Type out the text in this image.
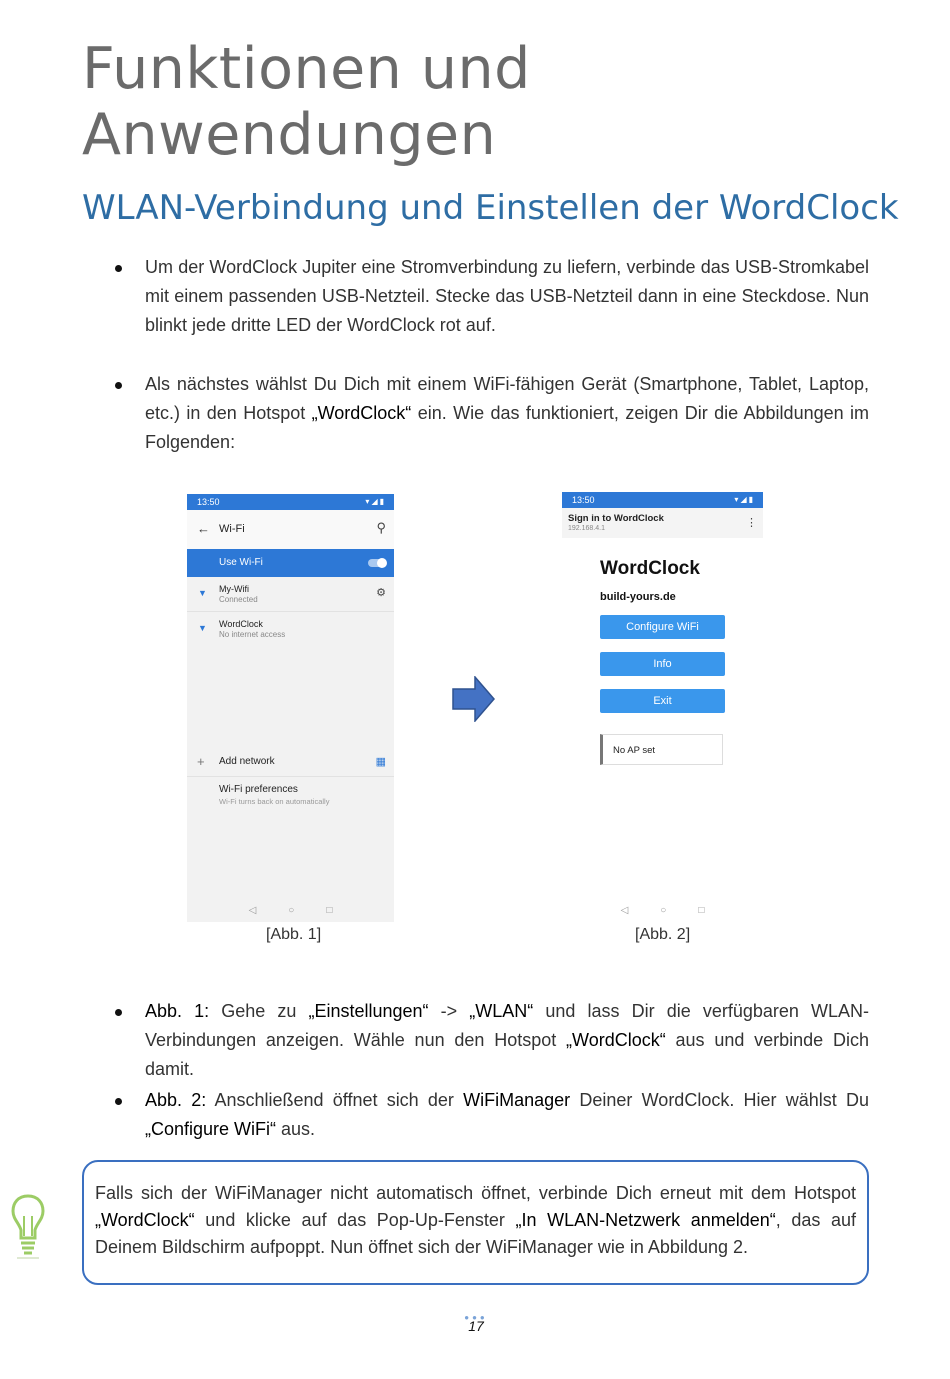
Funktionen und Anwendungen
WLAN-Verbindung und Einstellen der WordClock
Um der WordClock Jupiter eine Stromverbindung zu liefern, verbinde das USB-Stromkabel mit einem passenden USB-Netzteil. Stecke das USB-Netzteil dann in eine Steckdose. Nun blinkt jede dritte LED der WordClock rot auf.
Als nächstes wählst Du Dich mit einem WiFi-fähigen Gerät (Smartphone, Tablet, Laptop, etc.) in den Hotspot „WordClock“ ein. Wie das funktioniert, zeigen Dir die Abbildungen im Folgenden:
13:50	▾◢▮
← Wi-Fi	⚲
Use Wi-Fi
▼ My-Wifi
Connected
⚙
▼ WordClock
No internet access
+ Add network	▦
Wi-Fi preferences
Wi-Fi turns back on automatically
◁○□
[Abb. 1]
13:50	▾◢▮
Sign in to WordClock
192.168.4.1	⋮
WordClock
build-yours.de
Configure WiFi
Info
Exit
No AP set
◁○□
[Abb. 2]
Abb. 1: Gehe zu „Einstellungen“ -> „WLAN“ und lass Dir die verfügbaren WLAN-Verbindungen anzeigen. Wähle nun den Hotspot „WordClock“ aus und verbinde Dich damit.
Abb. 2: Anschließend öffnet sich der WiFiManager Deiner WordClock. Hier wählst Du „Configure WiFi“ aus.
Falls sich der WiFiManager nicht automatisch öffnet, verbinde Dich erneut mit dem Hotspot „WordClock“ und klicke auf das Pop-Up-Fenster „In WLAN-Netzwerk anmelden“, das auf Deinem Bildschirm aufpoppt. Nun öffnet sich der WiFiManager wie in Abbildung 2.
●●●
17
